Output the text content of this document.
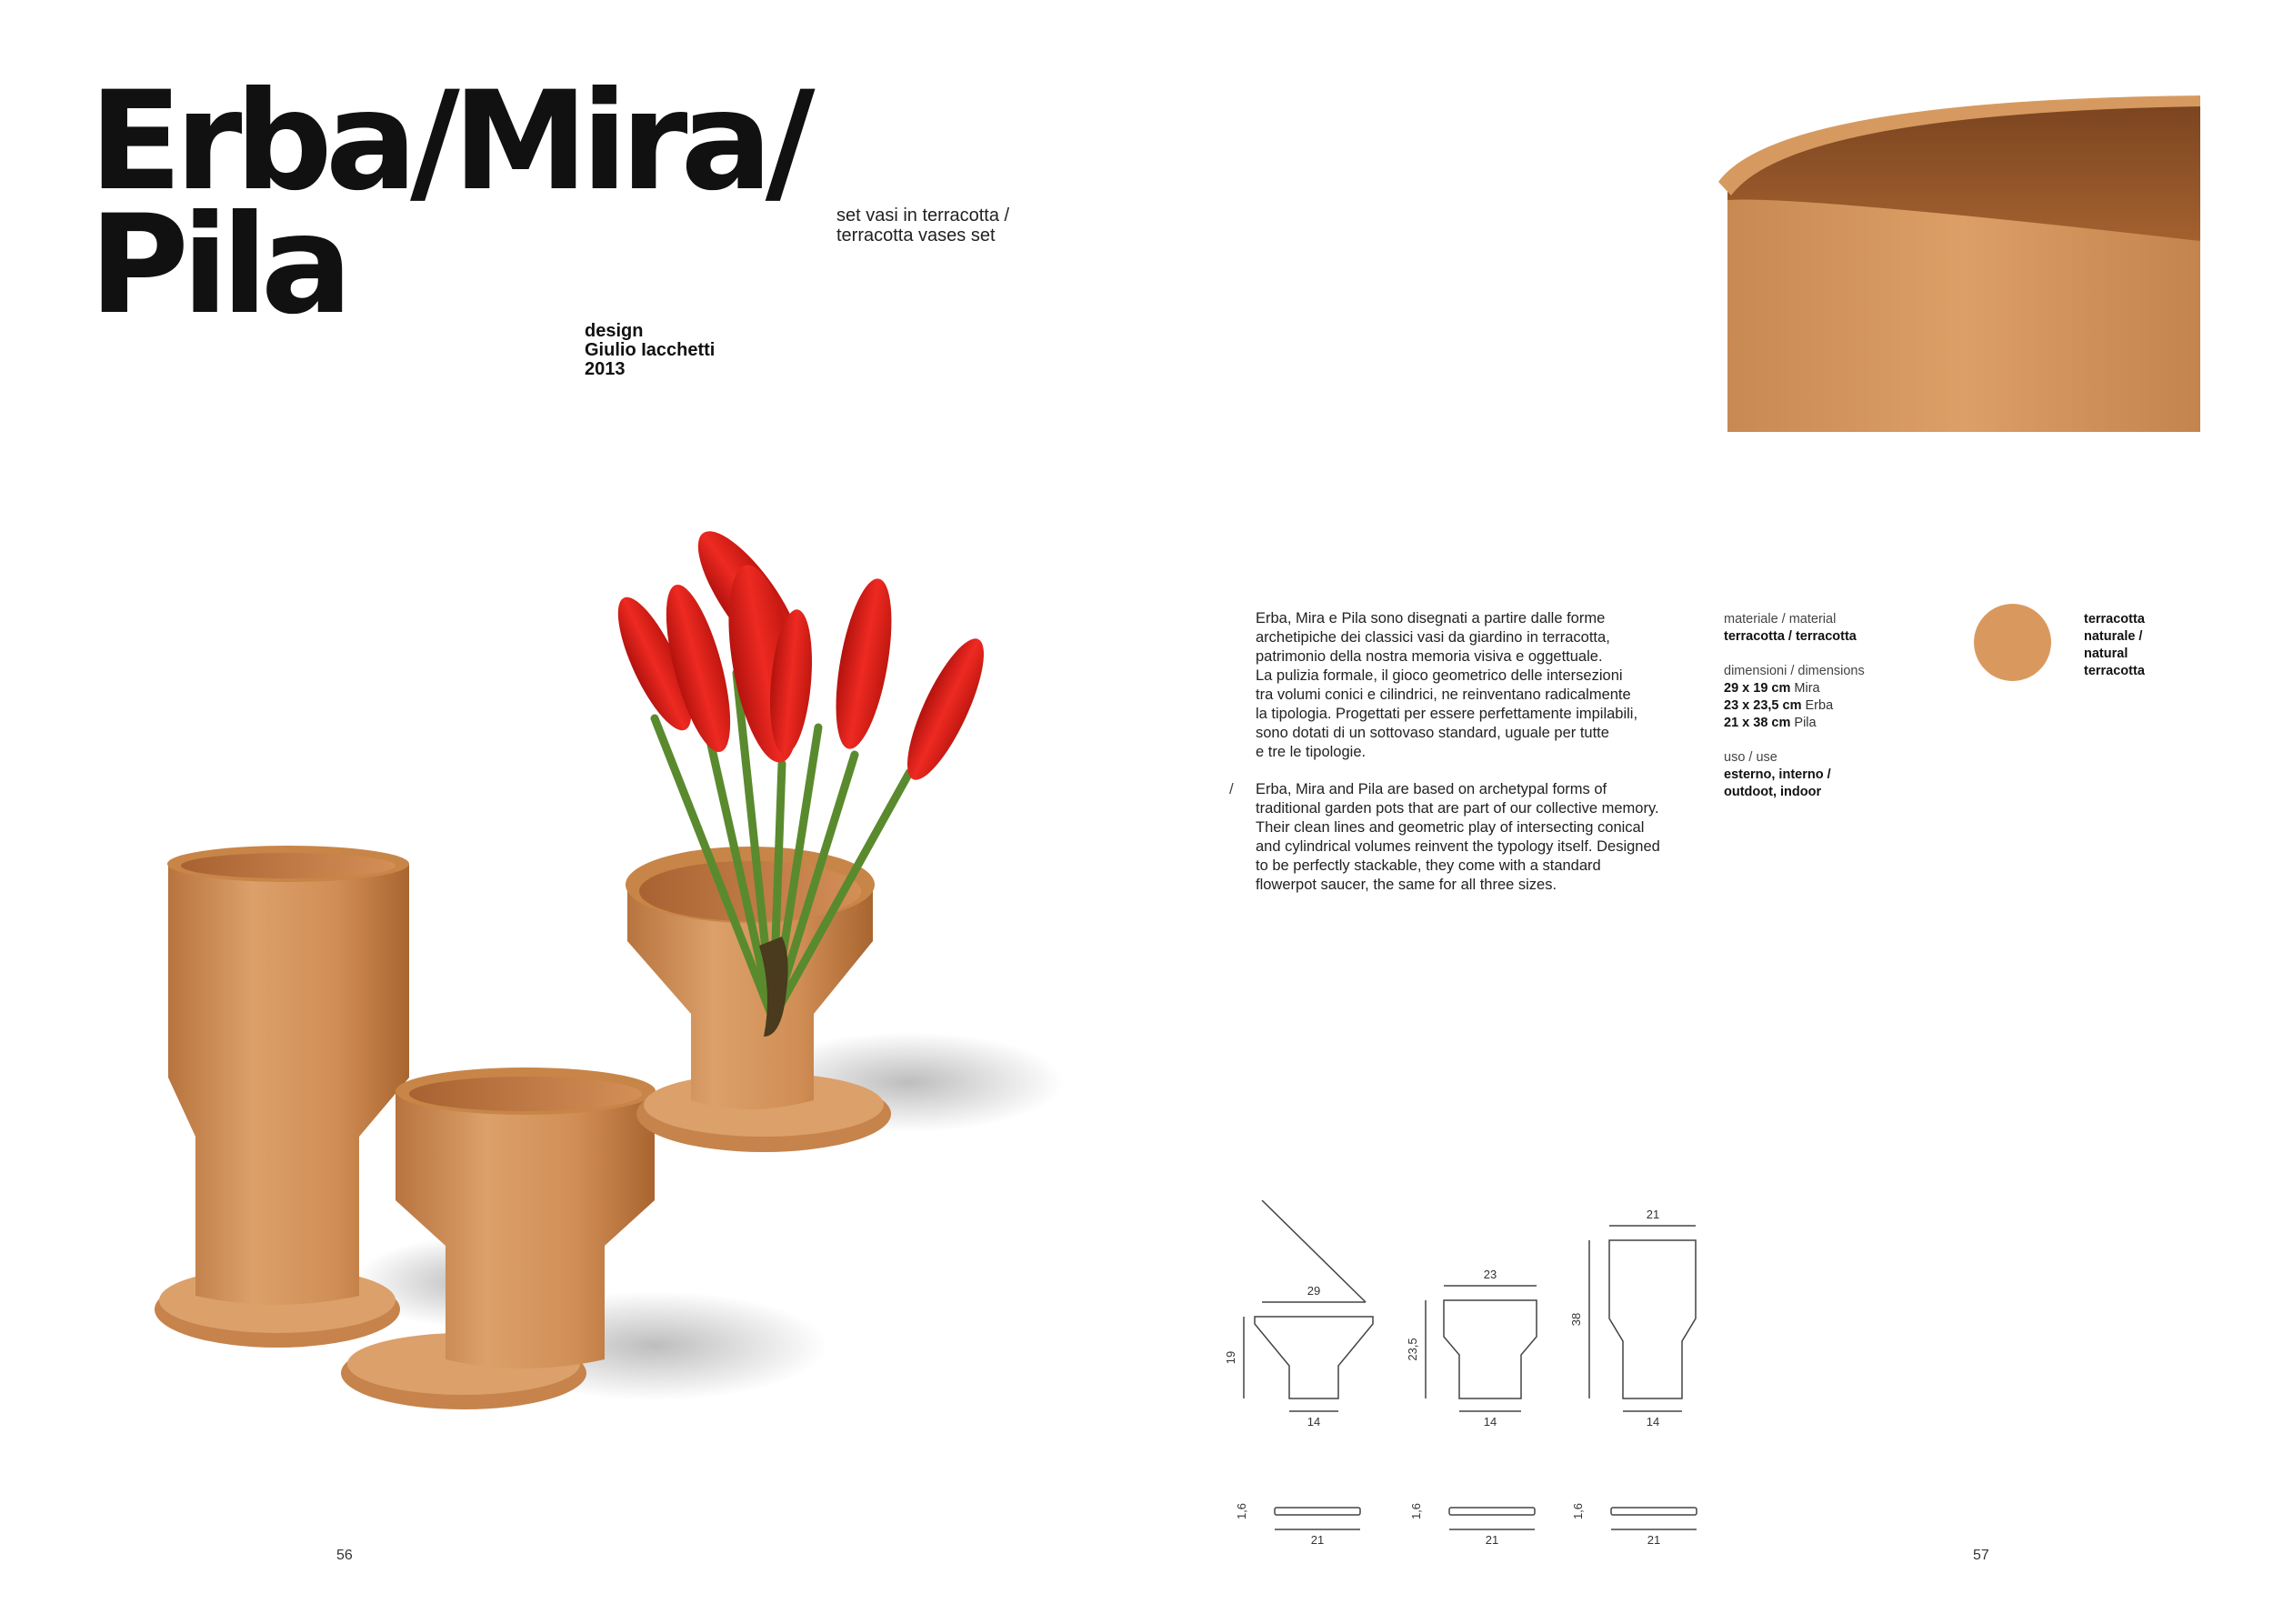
Erba/Mira/
Pila	set vasi in terracotta /
terracotta vases set
design
Giulio Iacchetti
2013
56
Erba, Mira e Pila sono disegnati a partire dalle forme
archetipiche dei classici vasi da giardino in terracotta,
patrimonio della nostra memoria visiva e oggettuale.
La pulizia formale, il gioco geometrico delle intersezioni
tra volumi conici e cilindrici, ne reinventano radicalmente
la tipologia. Progettati per essere perfettamente impilabili,
sono dotati di un sottovaso standard, uguale per tutte
e tre le tipologie.
/ Erba, Mira and Pila are based on archetypal forms of
traditional garden pots that are part of our collective memory.
Their clean lines and geometric play of intersecting conical
and cylindrical volumes reinvent the typology itself. Designed
to be perfectly stackable, they come with a standard
flowerpot saucer, the same for all three sizes.
materiale / material
terracotta / terracotta
dimensioni / dimensions
29 x 19 cm Mira
23 x 23,5 cm Erba
21 x 38 cm Pila
uso / use
esterno, interno /
outdoot, indoor
terracotta
naturale /
natural
terracotta
29
19
14
23
23,5
14
21
38
14
1,6	1,6	1,6
21	21	21
57
